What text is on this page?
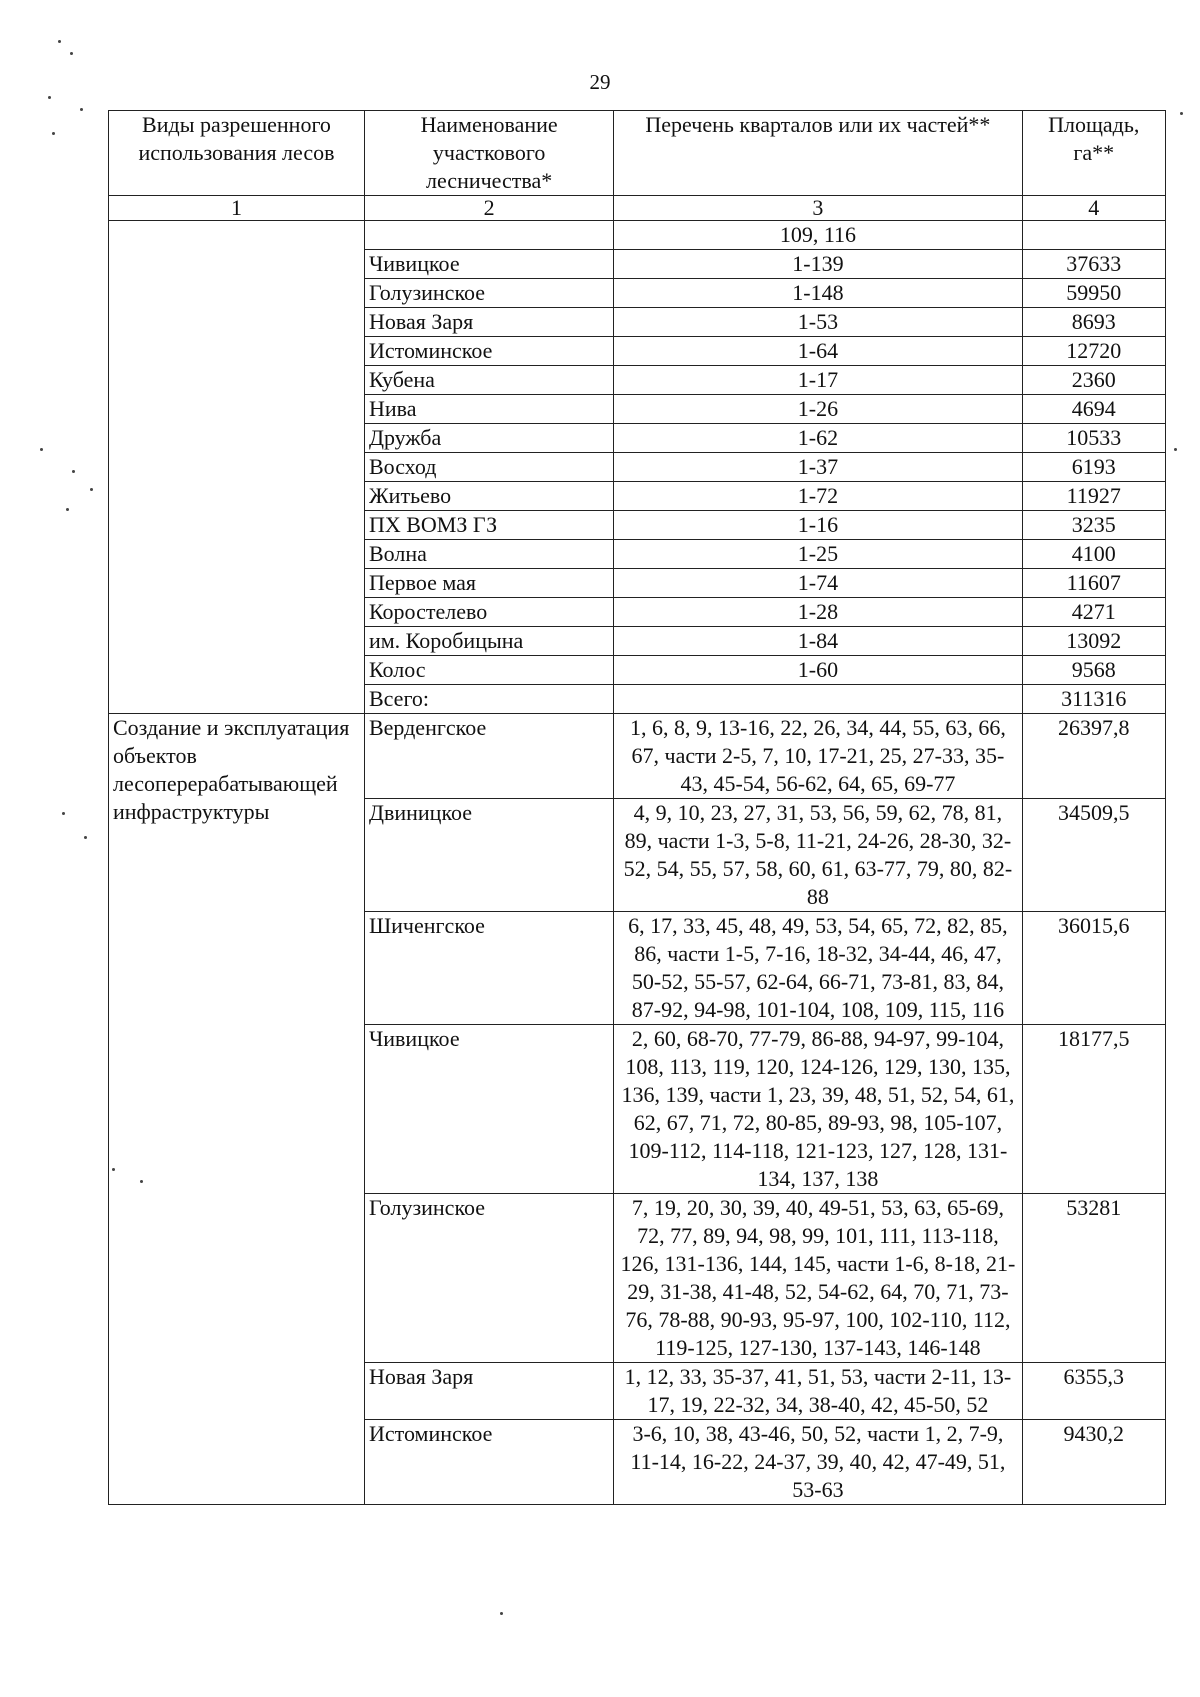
29
Виды разрешенного использования лесов	Наименование участкового лесничества*	Перечень кварталов или их частей**	Площадь, га**
1	2	3	4
		109, 116	
	Чивицкое	1-139	37633
	Голузинское	1-148	59950
	Новая Заря	1-53	8693
	Истоминское	1-64	12720
	Кубена	1-17	2360
	Нива	1-26	4694
	Дружба	1-62	10533
	Восход	1-37	6193
	Житьево	1-72	11927
	ПХ ВОМЗ ГЗ	1-16	3235
	Волна	1-25	4100
	Первое мая	1-74	11607
	Коростелево	1-28	4271
	им. Коробицына	1-84	13092
	Колос	1-60	9568
	Всего:		311316
Создание и эксплуатация объектов лесоперерабатывающей инфраструктуры	Верденгское	1, 6, 8, 9, 13-16, 22, 26, 34, 44, 55, 63, 66, 67, части 2-5, 7, 10, 17-21, 25, 27-33, 35-43, 45-54, 56-62, 64, 65, 69-77	26397,8
	Двиницкое	4, 9, 10, 23, 27, 31, 53, 56, 59, 62, 78, 81, 89, части 1-3, 5-8, 11-21, 24-26, 28-30, 32-52, 54, 55, 57, 58, 60, 61, 63-77, 79, 80, 82-88	34509,5
	Шиченгское	6, 17, 33, 45, 48, 49, 53, 54, 65, 72, 82, 85, 86, части 1-5, 7-16, 18-32, 34-44, 46, 47, 50-52, 55-57, 62-64, 66-71, 73-81, 83, 84, 87-92, 94-98, 101-104, 108, 109, 115, 116	36015,6
	Чивицкое	2, 60, 68-70, 77-79, 86-88, 94-97, 99-104, 108, 113, 119, 120, 124-126, 129, 130, 135, 136, 139, части 1, 23, 39, 48, 51, 52, 54, 61, 62, 67, 71, 72, 80-85, 89-93, 98, 105-107, 109-112, 114-118, 121-123, 127, 128, 131-134, 137, 138	18177,5
	Голузинское	7, 19, 20, 30, 39, 40, 49-51, 53, 63, 65-69, 72, 77, 89, 94, 98, 99, 101, 111, 113-118, 126, 131-136, 144, 145, части 1-6, 8-18, 21-29, 31-38, 41-48, 52, 54-62, 64, 70, 71, 73-76, 78-88, 90-93, 95-97, 100, 102-110, 112, 119-125, 127-130, 137-143, 146-148	53281
	Новая Заря	1, 12, 33, 35-37, 41, 51, 53, части 2-11, 13-17, 19, 22-32, 34, 38-40, 42, 45-50, 52	6355,3
	Истоминское	3-6, 10, 38, 43-46, 50, 52, части 1, 2, 7-9, 11-14, 16-22, 24-37, 39, 40, 42, 47-49, 51, 53-63	9430,2
